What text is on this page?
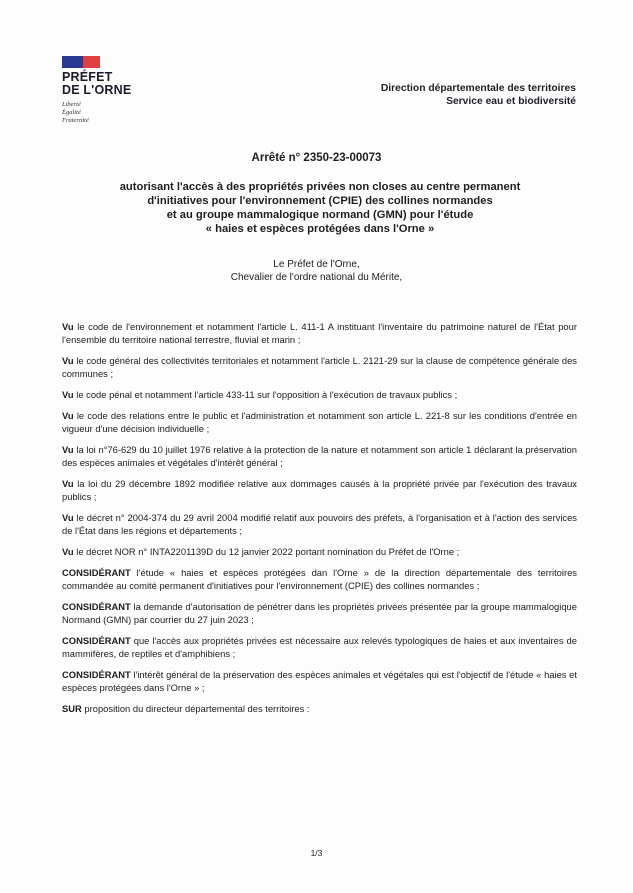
PRÉFET
DE L'ORNE
Liberté
Égalité
Fraternité
Direction départementale des territoires
Service eau et biodiversité
Arrêté n° 2350-23-00073
autorisant l'accès à des propriétés privées non closes au centre permanent
d'initiatives pour l'environnement (CPIE) des collines normandes
et au groupe mammalogique normand (GMN) pour l'étude
« haies et espèces protégées dans l'Orne »
Le Préfet de l'Orne,
Chevalier de l'ordre national du Mérite,

Vu le code de l'environnement et notamment l'article L. 411-1 A instituant l'inventaire du patrimoine naturel de l'État pour l'ensemble du territoire national terrestre, fluvial et marin ;

Vu le code général des collectivités territoriales et notamment l'article L. 2121-29 sur la clause de compétence générale des communes ;

Vu le code pénal et notamment l'article 433-11 sur l'opposition à l'exécution de travaux publics ;

Vu le code des relations entre le public et l'administration et notamment son article L. 221-8 sur les conditions d'entrée en vigueur d'une décision individuelle ;

Vu la loi n°76-629 du 10 juillet 1976 relative à la protection de la nature et notamment son article 1 déclarant la préservation des espèces animales et végétales d'intérêt général ;

Vu la loi du 29 décembre 1892 modifiée relative aux dommages causés à la propriété privée par l'exécution des travaux publics ;

Vu le décret n° 2004-374 du 29 avril 2004 modifié relatif aux pouvoirs des préfets, à l'organisation et à l'action des services de l'État dans les régions et départements ;

Vu le décret NOR n° INTA2201139D du 12 janvier 2022 portant nomination du Préfet de l'Orne ;

CONSIDÉRANT l'étude « haies et espèces protégées dan l'Orne » de la direction départementale des territoires commandée au comité permanent d'initiatives pour l'environnement (CPIE) des collines normandes ;

CONSIDÉRANT la demande d'autorisation de pénétrer dans les propriétés privées présentée par la groupe mammalogique Normand (GMN) par courrier du 27 juin 2023 ;

CONSIDÉRANT que l'accès aux propriétés privées est nécessaire aux relevés typologiques de haies et aux inventaires de mammifères, de reptiles et d'amphibiens ;

CONSIDÉRANT l'intérêt général de la préservation des espèces animales et végétales qui est l'objectif de l'étude « haies et espèces protégées dans l'Orne » ;

SUR proposition du directeur départemental des territoires :

1/3
